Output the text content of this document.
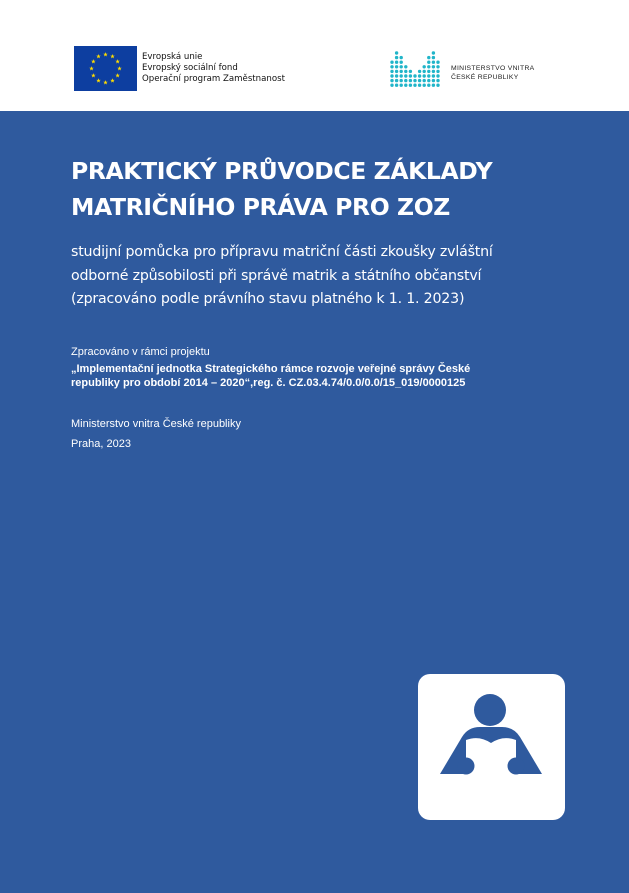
Evropská unie
Evropský sociální fond
Operační program Zaměstnanost
MINISTERSTVO VNITRA
ČESKÉ REPUBLIKY
PRAKTICKÝ PRŮVODCE ZÁKLADY
MATRIČNÍHO PRÁVA PRO ZOZ
studijní pomůcka pro přípravu matriční části zkoušky zvláštní
odborné způsobilosti při správě matrik a státního občanství
(zpracováno podle právního stavu platného k 1. 1. 2023)
Zpracováno v rámci projektu
„Implementační jednotka Strategického rámce rozvoje veřejné správy České
republiky pro období 2014 – 2020“,reg. č. CZ.03.4.74/0.0/0.0/15_019/0000125
Ministerstvo vnitra České republiky
Praha, 2023
